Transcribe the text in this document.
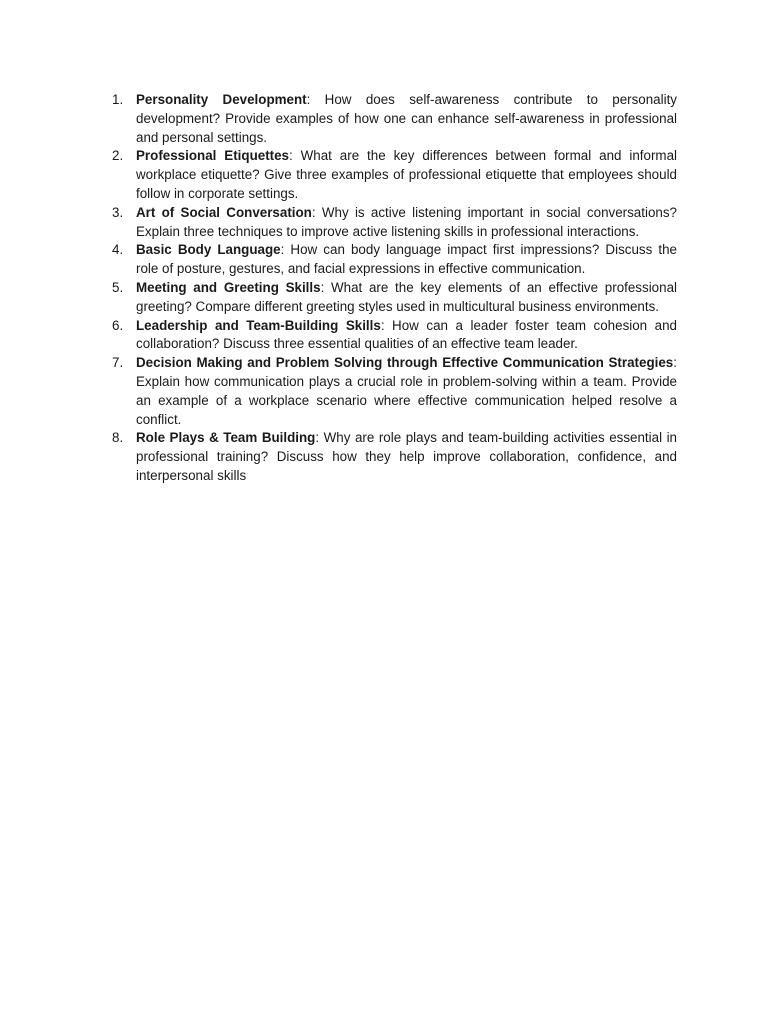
1. Personality Development: How does self-awareness contribute to personality development? Provide examples of how one can enhance self-awareness in professional and personal settings.
2. Professional Etiquettes: What are the key differences between formal and informal workplace etiquette? Give three examples of professional etiquette that employees should follow in corporate settings.
3. Art of Social Conversation: Why is active listening important in social conversations? Explain three techniques to improve active listening skills in professional interactions.
4. Basic Body Language: How can body language impact first impressions? Discuss the role of posture, gestures, and facial expressions in effective communication.
5. Meeting and Greeting Skills: What are the key elements of an effective professional greeting? Compare different greeting styles used in multicultural business environments.
6. Leadership and Team-Building Skills: How can a leader foster team cohesion and collaboration? Discuss three essential qualities of an effective team leader.
7. Decision Making and Problem Solving through Effective Communication Strategies: Explain how communication plays a crucial role in problem-solving within a team. Provide an example of a workplace scenario where effective communication helped resolve a conflict.
8. Role Plays & Team Building: Why are role plays and team-building activities essential in professional training? Discuss how they help improve collaboration, confidence, and interpersonal skills
